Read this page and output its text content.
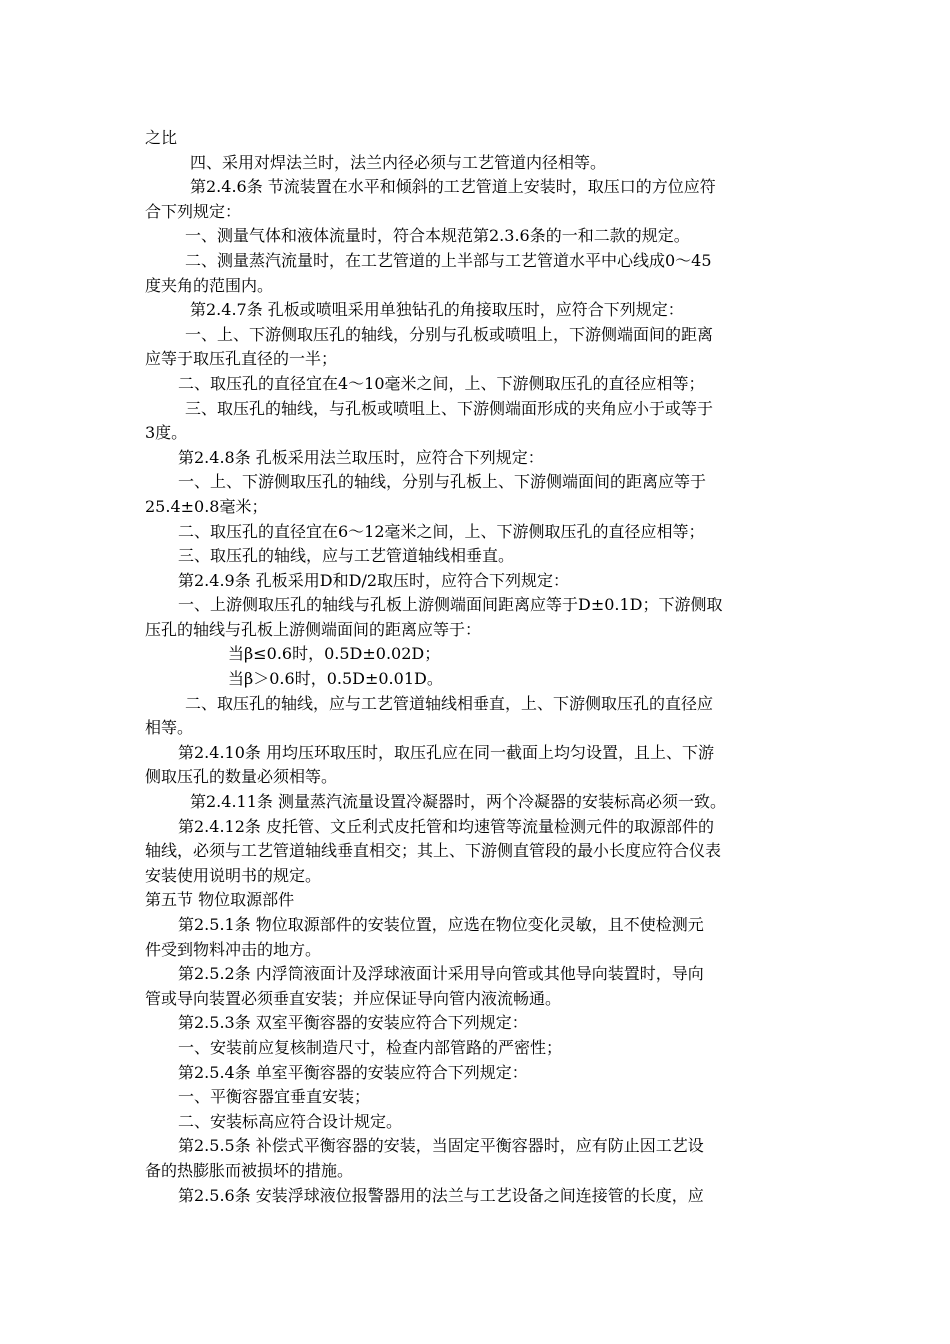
之比

四、采用对焊法兰时，法兰内径必须与工艺管道内径相等。

第2.4.6条 节流装置在水平和倾斜的工艺管道上安装时，取压口的方位应符

合下列规定：

一、测量气体和液体流量时，符合本规范第2.3.6条的一和二款的规定。

二、测量蒸汽流量时，在工艺管道的上半部与工艺管道水平中心线成0～45

度夹角的范围内。

第2.4.7条 孔板或喷咀采用单独钻孔的角接取压时，应符合下列规定：

一、上、下游侧取压孔的轴线，分别与孔板或喷咀上，下游侧端面间的距离

应等于取压孔直径的一半；

二、取压孔的直径宜在4～10毫米之间，上、下游侧取压孔的直径应相等；

三、取压孔的轴线，与孔板或喷咀上、下游侧端面形成的夹角应小于或等于

3度。

第2.4.8条 孔板采用法兰取压时，应符合下列规定：

一、上、下游侧取压孔的轴线，分别与孔板上、下游侧端面间的距离应等于

25.4±0.8毫米；

二、取压孔的直径宜在6～12毫米之间，上、下游侧取压孔的直径应相等；

三、取压孔的轴线，应与工艺管道轴线相垂直。

第2.4.9条 孔板采用D和D/2取压时，应符合下列规定：

一、上游侧取压孔的轴线与孔板上游侧端面间距离应等于D±0.1D；下游侧取

压孔的轴线与孔板上游侧端面间的距离应等于：

当β≤0.6时，0.5D±0.02D；

当β＞0.6时，0.5D±0.01D。

二、取压孔的轴线，应与工艺管道轴线相垂直，上、下游侧取压孔的直径应

相等。

第2.4.10条 用均压环取压时，取压孔应在同一截面上均匀设置，且上、下游

侧取压孔的数量必须相等。

第2.4.11条 测量蒸汽流量设置冷凝器时，两个冷凝器的安装标高必须一致。

第2.4.12条 皮托管、文丘利式皮托管和均速管等流量检测元件的取源部件的

轴线，必须与工艺管道轴线垂直相交；其上、下游侧直管段的最小长度应符合仪表

安装使用说明书的规定。

第五节 物位取源部件

第2.5.1条 物位取源部件的安装位置，应选在物位变化灵敏，且不使检测元

件受到物料冲击的地方。

第2.5.2条 内浮筒液面计及浮球液面计采用导向管或其他导向装置时，导向

管或导向装置必须垂直安装；并应保证导向管内液流畅通。

第2.5.3条 双室平衡容器的安装应符合下列规定：

一、安装前应复核制造尺寸，检查内部管路的严密性；

第2.5.4条 单室平衡容器的安装应符合下列规定：

一、平衡容器宜垂直安装；

二、安装标高应符合设计规定。

第2.5.5条 补偿式平衡容器的安装，当固定平衡容器时，应有防止因工艺设

备的热膨胀而被损坏的措施。

第2.5.6条 安装浮球液位报警器用的法兰与工艺设备之间连接管的长度，应
